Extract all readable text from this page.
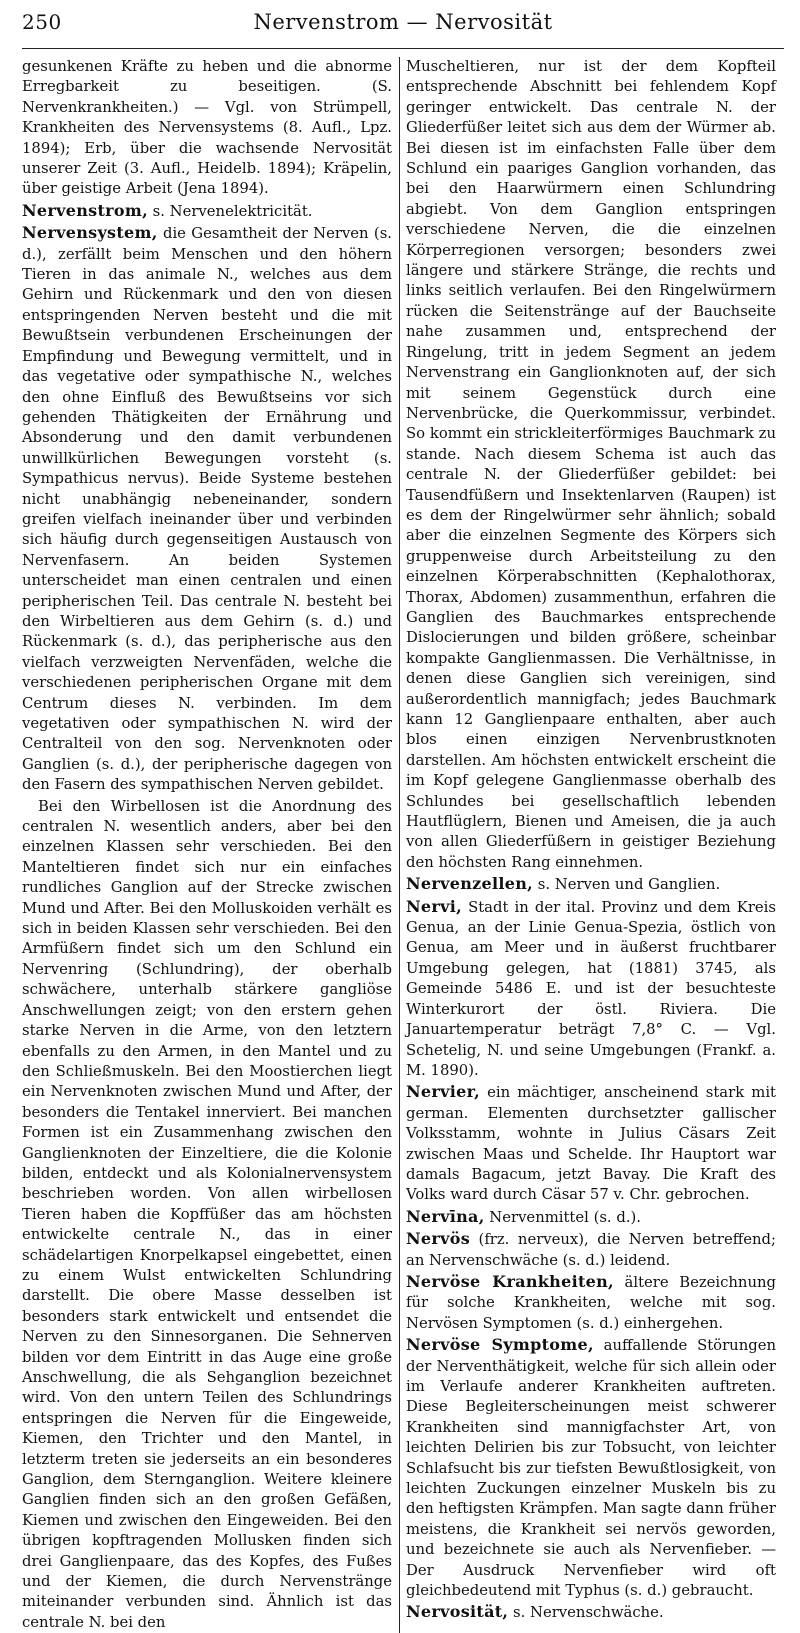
250	Nervenstrom — Nervosität

gesunkenen Kräfte zu heben und die abnorme Erregbarkeit zu beseitigen. (S. Nervenkrankheiten.) — Vgl. von Strümpell, Krankheiten des Nervensystems (8. Aufl., Lpz. 1894); Erb, über die wachsende Nervosität unserer Zeit (3. Aufl., Heidelb. 1894); Kräpelin, über geistige Arbeit (Jena 1894).

Nervenstrom, s. Nervenelektricität.

Nervensystem, die Gesamtheit der Nerven (s. d.), zerfällt beim Menschen und den höhern Tieren in das animale N., welches aus dem Gehirn und Rückenmark und den von diesen entspringenden Nerven besteht und die mit Bewußtsein verbundenen Erscheinungen der Empfindung und Bewegung vermittelt, und in das vegetative oder sympathische N., welches den ohne Einfluß des Bewußtseins vor sich gehenden Thätigkeiten der Ernährung und Absonderung und den damit verbundenen unwillkürlichen Bewegungen vorsteht (s. Sympathicus nervus). Beide Systeme bestehen nicht unabhängig nebeneinander, sondern greifen vielfach ineinander über und verbinden sich häufig durch gegenseitigen Austausch von Nervenfasern. An beiden Systemen unterscheidet man einen centralen und einen peripherischen Teil. Das centrale N. besteht bei den Wirbeltieren aus dem Gehirn (s. d.) und Rückenmark (s. d.), das peripherische aus den vielfach verzweigten Nervenfäden, welche die verschiedenen peripherischen Organe mit dem Centrum dieses N. verbinden. Im dem vegetativen oder sympathischen N. wird der Centralteil von den sog. Nervenknoten oder Ganglien (s. d.), der peripherische dagegen von den Fasern des sympathischen Nerven gebildet.

Bei den Wirbellosen ist die Anordnung des centralen N. wesentlich anders, aber bei den einzelnen Klassen sehr verschieden. Bei den Manteltieren findet sich nur ein einfaches rundliches Ganglion auf der Strecke zwischen Mund und After. Bei den Molluskoiden verhält es sich in beiden Klassen sehr verschieden. Bei den Armfüßern findet sich um den Schlund ein Nervenring (Schlundring), der oberhalb schwächere, unterhalb stärkere gangliöse Anschwellungen zeigt; von den erstern gehen starke Nerven in die Arme, von den letztern ebenfalls zu den Armen, in den Mantel und zu den Schließmuskeln. Bei den Moostierchen liegt ein Nervenknoten zwischen Mund und After, der besonders die Tentakel innerviert. Bei manchen Formen ist ein Zusammenhang zwischen den Ganglienknoten der Einzeltiere, die die Kolonie bilden, entdeckt und als Kolonialnervensystem beschrieben worden. Von allen wirbellosen Tieren haben die Kopffüßer das am höchsten entwickelte centrale N., das in einer schädelartigen Knorpelkapsel eingebettet, einen zu einem Wulst entwickelten Schlundring darstellt. Die obere Masse desselben ist besonders stark entwickelt und entsendet die Nerven zu den Sinnesorganen. Die Sehnerven bilden vor dem Eintritt in das Auge eine große Anschwellung, die als Sehganglion bezeichnet wird. Von den untern Teilen des Schlundrings entspringen die Nerven für die Eingeweide, Kiemen, den Trichter und den Mantel, in letzterm treten sie jederseits an ein besonderes Ganglion, dem Sternganglion. Weitere kleinere Ganglien finden sich an den großen Gefäßen, Kiemen und zwischen den Eingeweiden. Bei den übrigen kopftragenden Mollusken finden sich drei Ganglienpaare, das des Kopfes, des Fußes und der Kiemen, die durch Nervenstränge miteinander verbunden sind. Ähnlich ist das centrale N. bei den

Muscheltieren, nur ist der dem Kopfteil entsprechende Abschnitt bei fehlendem Kopf geringer entwickelt. Das centrale N. der Gliederfüßer leitet sich aus dem der Würmer ab. Bei diesen ist im einfachsten Falle über dem Schlund ein paariges Ganglion vorhanden, das bei den Haarwürmern einen Schlundring abgiebt. Von dem Ganglion entspringen verschiedene Nerven, die die einzelnen Körperregionen versorgen; besonders zwei längere und stärkere Stränge, die rechts und links seitlich verlaufen. Bei den Ringelwürmern rücken die Seitenstränge auf der Bauchseite nahe zusammen und, entsprechend der Ringelung, tritt in jedem Segment an jedem Nervenstrang ein Ganglionknoten auf, der sich mit seinem Gegenstück durch eine Nervenbrücke, die Querkommissur, verbindet. So kommt ein strickleiterförmiges Bauchmark zu stande. Nach diesem Schema ist auch das centrale N. der Gliederfüßer gebildet: bei Tausendfüßern und Insektenlarven (Raupen) ist es dem der Ringelwürmer sehr ähnlich; sobald aber die einzelnen Segmente des Körpers sich gruppenweise durch Arbeitsteilung zu den einzelnen Körperabschnitten (Kephalothorax, Thorax, Abdomen) zusammenthun, erfahren die Ganglien des Bauchmarkes entsprechende Dislocierungen und bilden größere, scheinbar kompakte Ganglienmassen. Die Verhältnisse, in denen diese Ganglien sich vereinigen, sind außerordentlich mannigfach; jedes Bauchmark kann 12 Ganglienpaare enthalten, aber auch blos einen einzigen Nervenbrustknoten darstellen. Am höchsten entwickelt erscheint die im Kopf gelegene Ganglienmasse oberhalb des Schlundes bei gesellschaftlich lebenden Hautflüglern, Bienen und Ameisen, die ja auch von allen Gliederfüßern in geistiger Beziehung den höchsten Rang einnehmen.

Nervenzellen, s. Nerven und Ganglien.

Nervi, Stadt in der ital. Provinz und dem Kreis Genua, an der Linie Genua-Spezia, östlich von Genua, am Meer und in äußerst fruchtbarer Umgebung gelegen, hat (1881) 3745, als Gemeinde 5486 E. und ist der besuchteste Winterkurort der östl. Riviera. Die Januartemperatur beträgt 7,8° C. — Vgl. Schetelig, N. und seine Umgebungen (Frankf. a. M. 1890).

Nervier, ein mächtiger, anscheinend stark mit german. Elementen durchsetzter gallischer Volksstamm, wohnte in Julius Cäsars Zeit zwischen Maas und Schelde. Ihr Hauptort war damals Bagacum, jetzt Bavay. Die Kraft des Volks ward durch Cäsar 57 v. Chr. gebrochen.

Nervīna, Nervenmittel (s. d.).

Nervös (frz. nerveux), die Nerven betreffend; an Nervenschwäche (s. d.) leidend.

Nervöse Krankheiten, ältere Bezeichnung für solche Krankheiten, welche mit sog. Nervösen Symptomen (s. d.) einhergehen.

Nervöse Symptome, auffallende Störungen der Nerventhätigkeit, welche für sich allein oder im Verlaufe anderer Krankheiten auftreten. Diese Begleiterscheinungen meist schwerer Krankheiten sind mannigfachster Art, von leichten Delirien bis zur Tobsucht, von leichter Schlafsucht bis zur tiefsten Bewußtlosigkeit, von leichten Zuckungen einzelner Muskeln bis zu den heftigsten Krämpfen. Man sagte dann früher meistens, die Krankheit sei nervös geworden, und bezeichnete sie auch als Nervenfieber. — Der Ausdruck Nervenfieber wird oft gleichbedeutend mit Typhus (s. d.) gebraucht.

Nervosität, s. Nervenschwäche.
